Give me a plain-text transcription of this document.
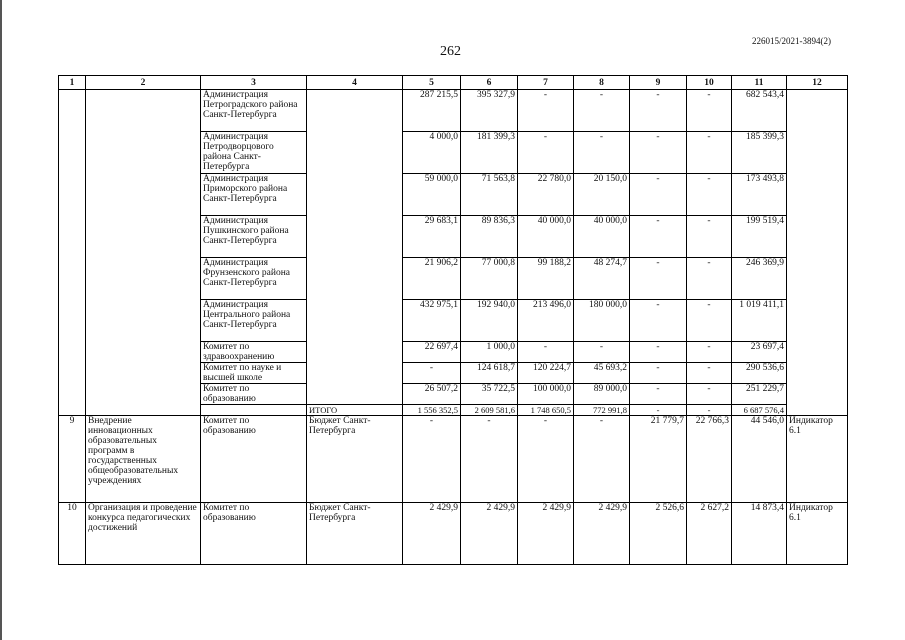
226015/2021-3894(2)
262
1	2	3	4	5	6	7	8	9	10	11	12
		Администрация Петроградского района Санкт-Петербурга		287 215,5	395 327,9	-	-	-	-	682 543,4	
		Администрация Петродворцового района Санкт-Петербурга		4 000,0	181 399,3	-	-	-	-	185 399,3	
		Администрация Приморского района Санкт-Петербурга		59 000,0	71 563,8	22 780,0	20 150,0	-	-	173 493,8	
		Администрация Пушкинского района Санкт-Петербурга		29 683,1	89 836,3	40 000,0	40 000,0	-	-	199 519,4	
		Администрация Фрунзенского района Санкт-Петербурга		21 906,2	77 000,8	99 188,2	48 274,7	-	-	246 369,9	
		Администрация Центрального района Санкт-Петербурга		432 975,1	192 940,0	213 496,0	180 000,0	-	-	1 019 411,1	
		Комитет по здравоохранению		22 697,4	1 000,0	-	-	-	-	23 697,4	
		Комитет по науке и высшей школе		-	124 618,7	120 224,7	45 693,2	-	-	290 536,6	
		Комитет по образованию		26 507,2	35 722,5	100 000,0	89 000,0	-	-	251 229,7	
			ИТОГО	1 556 352,5	2 609 581,6	1 748 650,5	772 991,8	-	-	6 687 576,4	
9	Внедрение инновационных образовательных программ в государственных общеобразовательных учреждениях	Комитет по образованию	Бюджет Санкт-Петербурга	-	-	-	-	21 779,7	22 766,3	44 546,0	Индикатор 6.1
10	Организация и проведение конкурса педагогических достижений	Комитет по образованию	Бюджет Санкт-Петербурга	2 429,9	2 429,9	2 429,9	2 429,9	2 526,6	2 627,2	14 873,4	Индикатор 6.1
